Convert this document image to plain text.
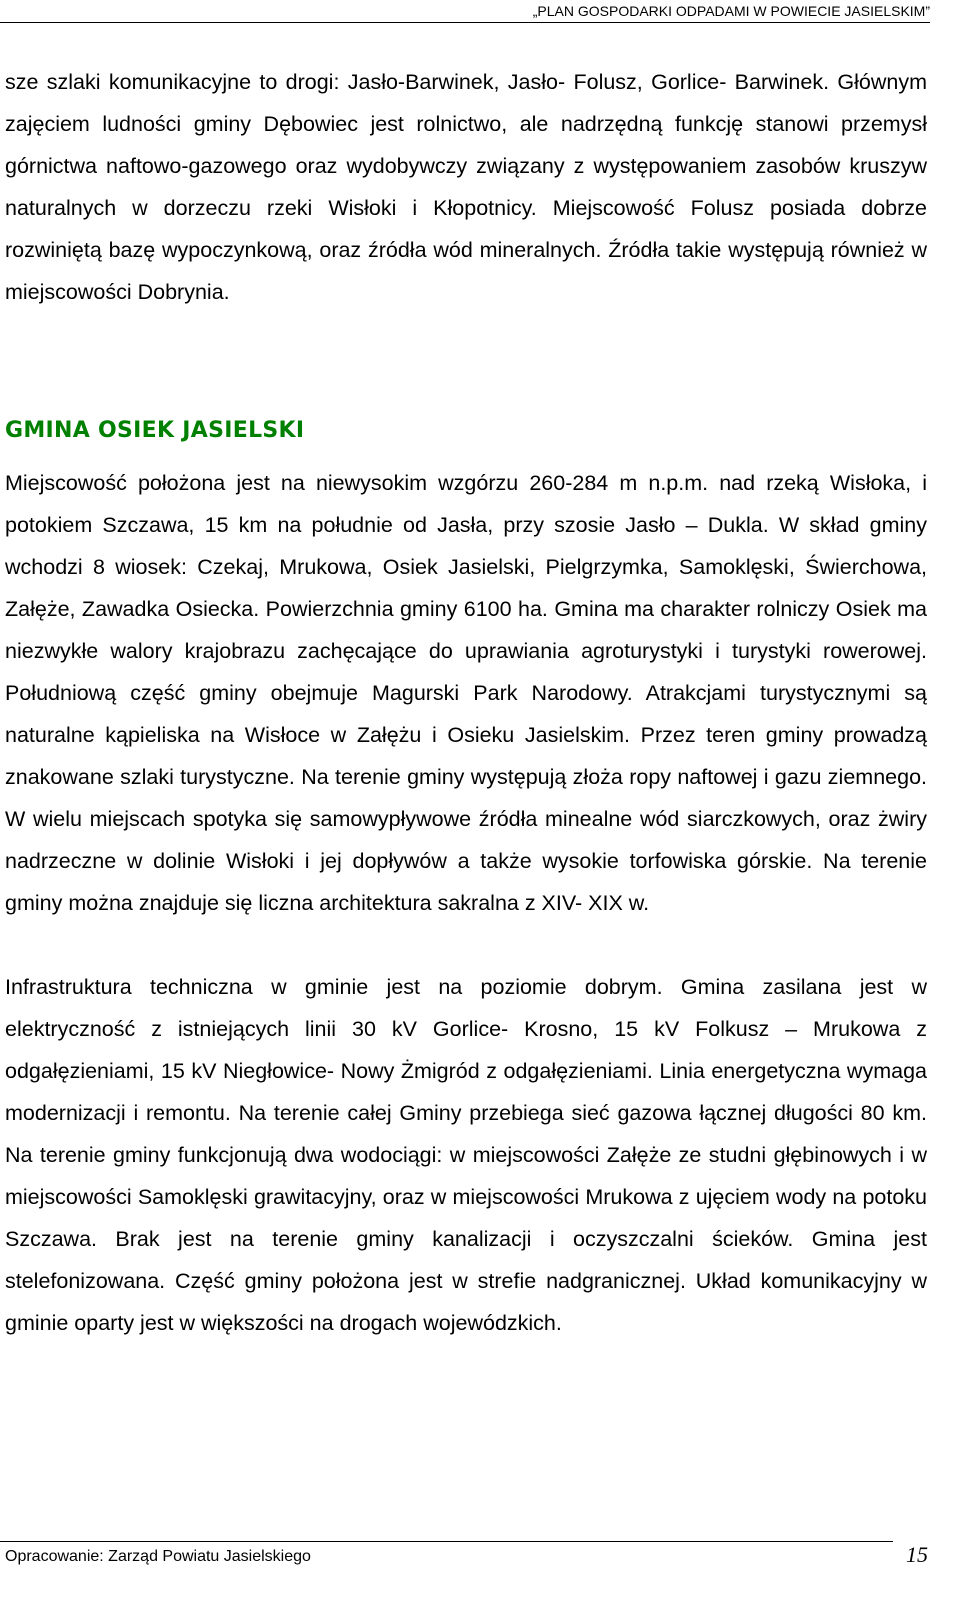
„PLAN GOSPODARKI ODPADAMI W POWIECIE JASIELSKIM”

sze szlaki komunikacyjne to drogi: Jasło-Barwinek, Jasło- Folusz, Gorlice- Barwinek. Głównym zajęciem ludności gminy Dębowiec jest rolnictwo, ale nadrzędną funkcję stanowi przemysł górnictwa naftowo-gazowego oraz wydobywczy związany z występowaniem zasobów kruszyw naturalnych w dorzeczu rzeki Wisłoki i Kłopotnicy. Miejscowość Folusz posiada dobrze rozwiniętą bazę wypoczynkową, oraz źródła wód mineralnych. Źródła takie występują również w miejscowości Dobrynia.

GMINA OSIEK JASIELSKI

Miejscowość położona jest na niewysokim wzgórzu 260-284 m n.p.m. nad rzeką Wisłoka, i potokiem Szczawa, 15 km na południe od Jasła, przy szosie Jasło – Dukla. W skład gminy wchodzi 8 wiosek: Czekaj, Mrukowa, Osiek Jasielski, Pielgrzymka, Samoklęski, Świerchowa, Załęże, Zawadka Osiecka. Powierzchnia gminy 6100 ha. Gmina ma charakter rolniczy Osiek ma niezwykłe walory krajobrazu zachęcające do uprawiania agroturystyki i turystyki rowerowej. Południową część gminy obejmuje Magurski Park Narodowy. Atrakcjami turystycznymi są naturalne kąpieliska na Wisłoce w Załężu i Osieku Jasielskim. Przez teren gminy prowadzą znakowane szlaki turystyczne. Na terenie gminy występują złoża ropy naftowej i gazu ziemnego. W wielu miejscach spotyka się samowypływowe źródła minealne wód siarczkowych, oraz żwiry nadrzeczne w dolinie Wisłoki i jej dopływów a także wysokie torfowiska górskie. Na terenie gminy można znajduje się liczna architektura sakralna z XIV- XIX w.

Infrastruktura techniczna w gminie jest na poziomie dobrym. Gmina zasilana jest w elektryczność z istniejących linii 30 kV Gorlice- Krosno, 15 kV Folkusz – Mrukowa z odgałęzieniami, 15 kV Niegłowice- Nowy Żmigród z odgałęzieniami. Linia energetyczna wymaga modernizacji i remontu. Na terenie całej Gminy przebiega sieć gazowa łącznej długości 80 km. Na terenie gminy funkcjonują dwa wodociągi: w miejscowości Załęże ze studni głębinowych i w miejscowości Samoklęski grawitacyjny, oraz w miejscowości Mrukowa z ujęciem wody na potoku Szczawa. Brak jest na terenie gminy kanalizacji i oczyszczalni ścieków. Gmina jest stelefonizowana. Część gminy położona jest w strefie nadgranicznej. Układ komunikacyjny w gminie oparty jest w większości na drogach wojewódzkich.

Opracowanie: Zarząd Powiatu Jasielskiego	15
